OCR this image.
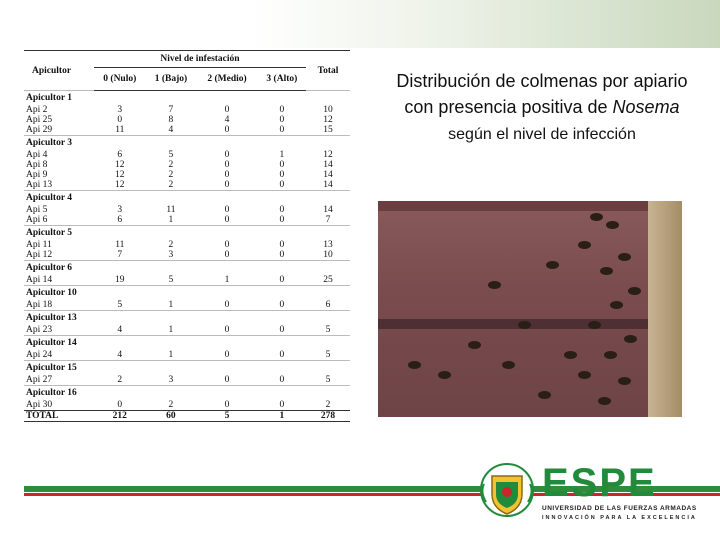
Apicultor	Nivel de infestación				Total
	0 (Nulo)	1 (Bajo)	2 (Medio)	3 (Alto)	
Apicultor 1					
Api 2	3	7	0	0	10
Api 25	0	8	4	0	12
Api 29	11	4	0	0	15
Apicultor 3					
Api 4	6	5	0	1	12
Api 8	12	2	0	0	14
Api 9	12	2	0	0	14
Api 13	12	2	0	0	14
Apicultor 4					
Api 5	3	11	0	0	14
Api 6	6	1	0	0	7
Apicultor 5					
Api 11	11	2	0	0	13
Api 12	7	3	0	0	10
Apicultor 6					
Api 14	19	5	1	0	25
Apicultor 10					
Api 18	5	1	0	0	6
Apicultor 13					
Api 23	4	1	0	0	5
Apicultor 14					
Api 24	4	1	0	0	5
Apicultor 15					
Api 27	2	3	0	0	5
Apicultor 16					
Api 30	0	2	0	0	2
TOTAL	212	60	5	1	278
Distribución de colmenas por apiario con presencia positiva de Nosema según el nivel de infección
ESPE
UNIVERSIDAD DE LAS FUERZAS ARMADAS
INNOVACIÓN PARA LA EXCELENCIA
